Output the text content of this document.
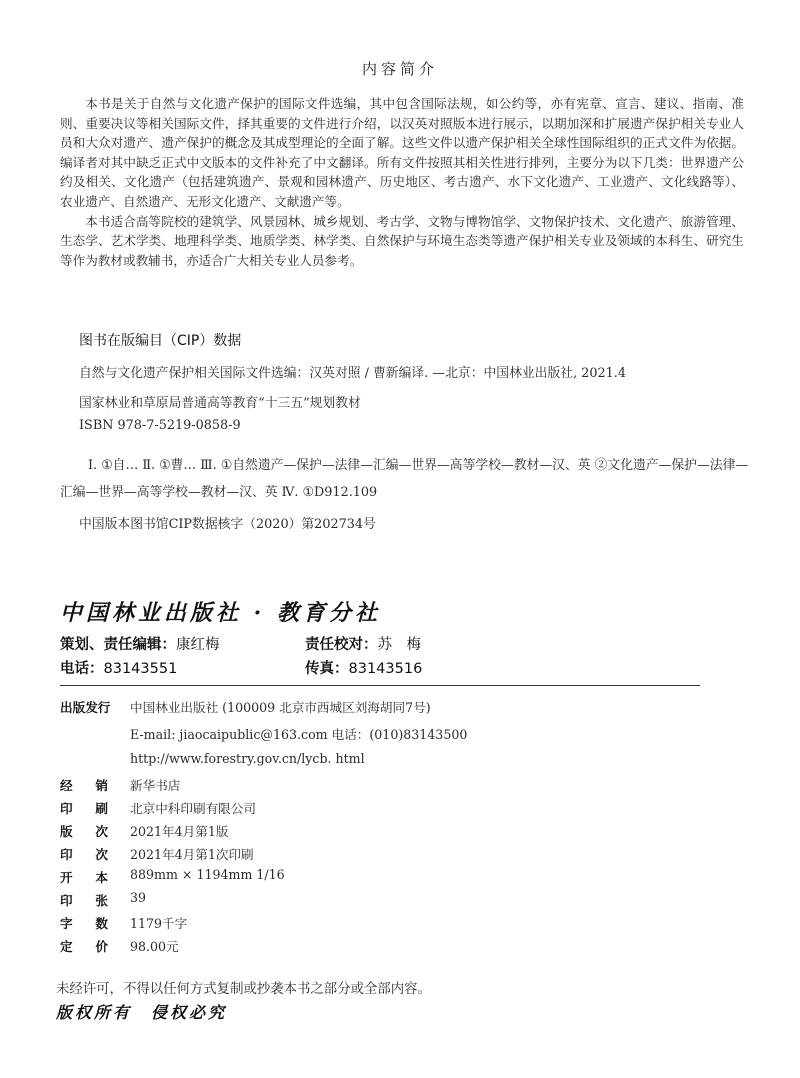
内容简介

本书是关于自然与文化遗产保护的国际文件选编，其中包含国际法规，如公约等，亦有宪章、宣言、建议、指南、准则、重要决议等相关国际文件，择其重要的文件进行介绍，以汉英对照版本进行展示，以期加深和扩展遗产保护相关专业人员和大众对遗产、遗产保护的概念及其成型理论的全面了解。这些文件以遗产保护相关全球性国际组织的正式文件为依据。编译者对其中缺乏正式中文版本的文件补充了中文翻译。所有文件按照其相关性进行排列，主要分为以下几类：世界遗产公约及相关、文化遗产（包括建筑遗产、景观和园林遗产、历史地区、考古遗产、水下文化遗产、工业遗产、文化线路等）、农业遗产、自然遗产、无形文化遗产、文献遗产等。

本书适合高等院校的建筑学、风景园林、城乡规划、考古学、文物与博物馆学、文物保护技术、文化遗产、旅游管理、生态学、艺术学类、地理科学类、地质学类、林学类、自然保护与环境生态类等遗产保护相关专业及领域的本科生、研究生等作为教材或教辅书，亦适合广大相关专业人员参考。

图书在版编目（CIP）数据
自然与文化遗产保护相关国际文件选编：汉英对照 / 曹新编译. —北京：中国林业出版社, 2021.4
国家林业和草原局普通高等教育“十三五”规划教材
ISBN 978-7-5219-0858-9
Ⅰ. ①自… Ⅱ. ①曹… Ⅲ. ①自然遗产—保护—法律—汇编—世界—高等学校—教材—汉、英 ②文化遗产—保护—法律—汇编—世界—高等学校—教材—汉、英 Ⅳ. ①D912.109
中国版本图书馆CIP数据核字（2020）第202734号
中国林业出版社 · 教育分社
策划、责任编辑：康红梅	责任校对：苏　梅
电话：83143551	传真：83143516
出版发行 中国林业出版社 (100009 北京市西城区刘海胡同7号)
E-mail: jiaocaipublic@163.com 电话：(010)83143500
http://www.forestry.gov.cn/lycb. html
经 销 新华书店
印 刷 北京中科印刷有限公司
版 次 2021年4月第1版
印 次 2021年4月第1次印刷
开 本 889mm × 1194mm 1/16
印 张 39
字 数 1179千字
定 价 98.00元
未经许可，不得以任何方式复制或抄袭本书之部分或全部内容。
版权所有　侵权必究
